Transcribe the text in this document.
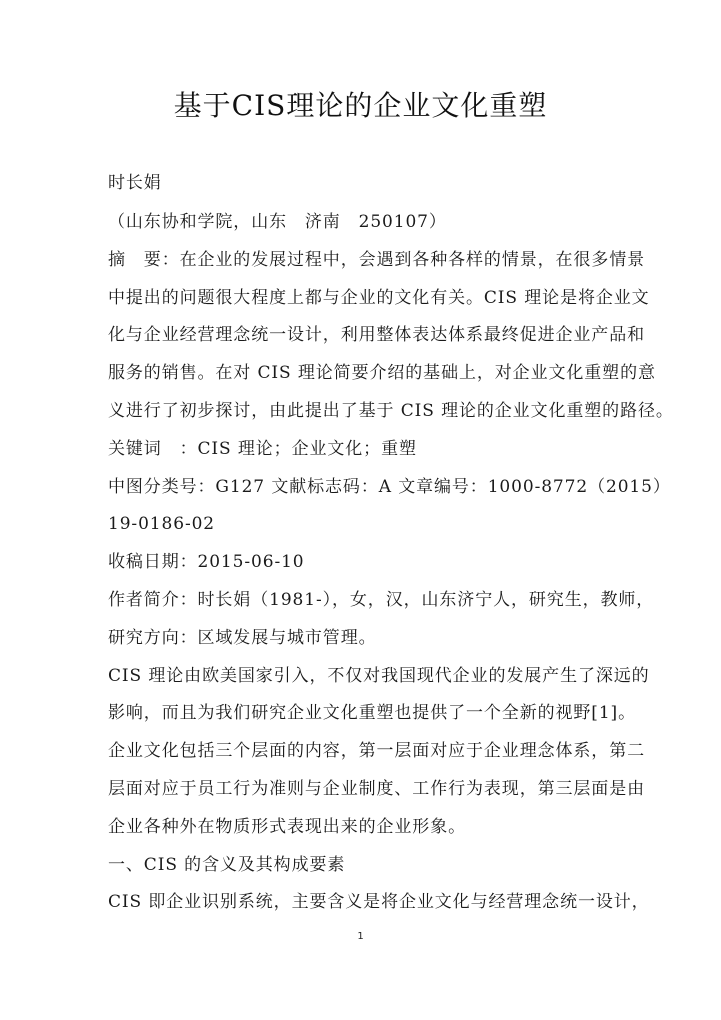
基于CIS理论的企业文化重塑
时长娟
（山东协和学院，山东　济南　250107）
摘　要：在企业的发展过程中，会遇到各种各样的情景，在很多情景
中提出的问题很大程度上都与企业的文化有关。CIS 理论是将企业文
化与企业经营理念统一设计，利用整体表达体系最终促进企业产品和
服务的销售。在对 CIS 理论简要介绍的基础上，对企业文化重塑的意
义进行了初步探讨，由此提出了基于 CIS 理论的企业文化重塑的路径。
关键词　：CIS 理论；企业文化；重塑
中图分类号：G127 文献标志码：A 文章编号：1000-8772（2015）
19-0186-02
收稿日期：2015-06-10
作者简介：时长娟（1981-），女，汉，山东济宁人，研究生，教师，
研究方向：区域发展与城市管理。
CIS 理论由欧美国家引入，不仅对我国现代企业的发展产生了深远的
影响，而且为我们研究企业文化重塑也提供了一个全新的视野[1]。
企业文化包括三个层面的内容，第一层面对应于企业理念体系，第二
层面对应于员工行为准则与企业制度、工作行为表现，第三层面是由
企业各种外在物质形式表现出来的企业形象。
一、CIS 的含义及其构成要素
CIS 即企业识别系统，主要含义是将企业文化与经营理念统一设计，
1
